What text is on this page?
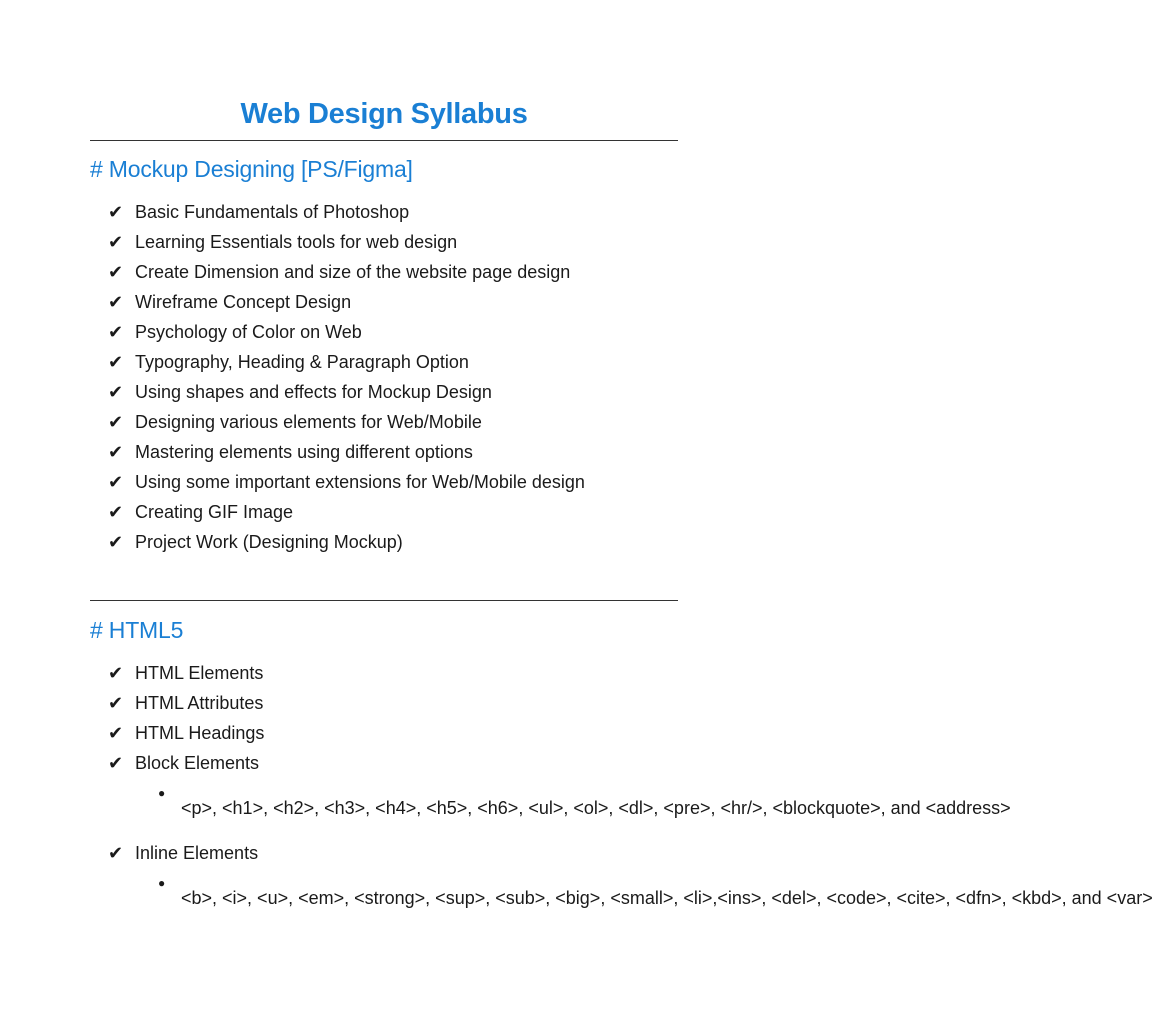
Web Design Syllabus
# Mockup Designing [PS/Figma]
✔ Basic Fundamentals of Photoshop
✔ Learning Essentials tools for web design
✔ Create Dimension and size of the website page design
✔ Wireframe Concept Design
✔ Psychology of Color on Web
✔ Typography, Heading & Paragraph Option
✔ Using shapes and effects for Mockup Design
✔ Designing various elements for Web/Mobile
✔ Mastering elements using different options
✔ Using some important extensions for Web/Mobile design
✔ Creating GIF Image
✔ Project Work (Designing Mockup)
# HTML5
✔ HTML Elements
✔ HTML Attributes
✔ HTML Headings
✔ Block Elements
●
<p>, <h1>, <h2>, <h3>, <h4>, <h5>, <h6>, <ul>, <ol>, <dl>, <pre>, <hr />, <blockquote>, and <address>
✔ Inline Elements
●
<b>, <i>, <u>, <em>, <strong>, <sup>, <sub>, <big>, <small>, <li>, <ins>, <del>, <code>, <cite>, <dfn>, <kbd>, and <var>
